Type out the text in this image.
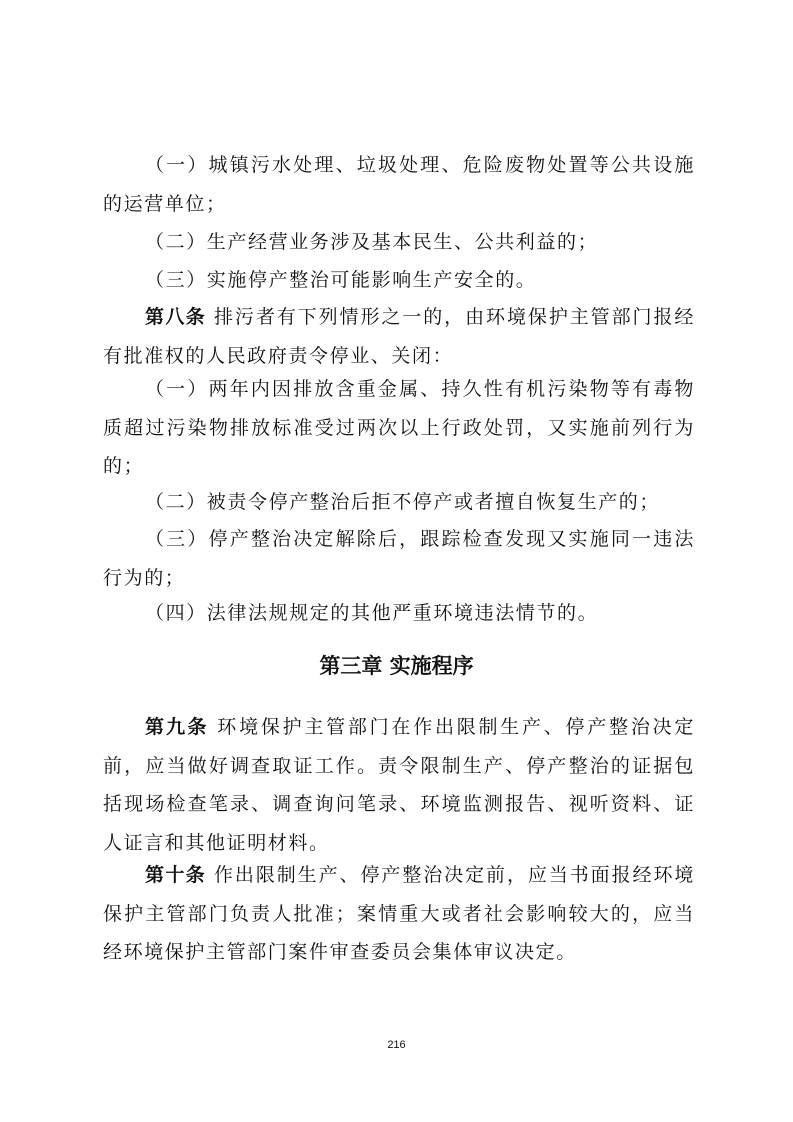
（一）城镇污水处理、垃圾处理、危险废物处置等公共设施的运营单位；

（二）生产经营业务涉及基本民生、公共利益的；

（三）实施停产整治可能影响生产安全的。

第八条 排污者有下列情形之一的，由环境保护主管部门报经有批准权的人民政府责令停业、关闭：

（一）两年内因排放含重金属、持久性有机污染物等有毒物质超过污染物排放标准受过两次以上行政处罚，又实施前列行为的；

（二）被责令停产整治后拒不停产或者擅自恢复生产的；

（三）停产整治决定解除后，跟踪检查发现又实施同一违法行为的；

（四）法律法规规定的其他严重环境违法情节的。

第三章 实施程序

第九条 环境保护主管部门在作出限制生产、停产整治决定前，应当做好调查取证工作。责令限制生产、停产整治的证据包括现场检查笔录、调查询问笔录、环境监测报告、视听资料、证人证言和其他证明材料。

第十条 作出限制生产、停产整治决定前，应当书面报经环境保护主管部门负责人批准；案情重大或者社会影响较大的，应当经环境保护主管部门案件审查委员会集体审议决定。

216
